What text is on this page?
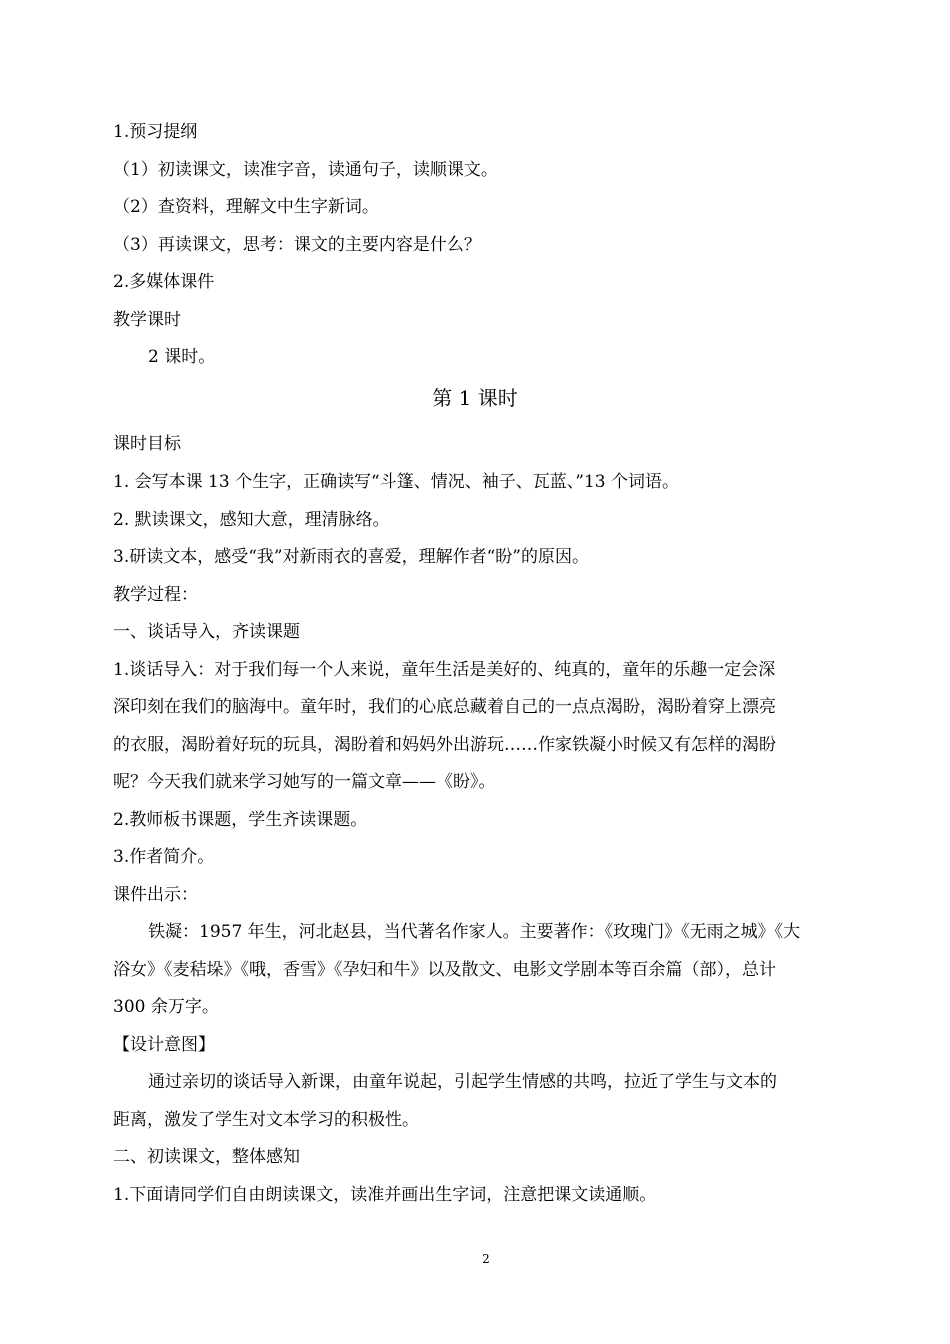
1.预习提纲
（1）初读课文，读准字音，读通句子，读顺课文。
（2）查资料，理解文中生字新词。
（3）再读课文，思考：课文的主要内容是什么？
2.多媒体课件
教学课时
2 课时。
第 1 课时
课时目标
1. 会写本课 13 个生字，正确读写“斗篷、情况、袖子、瓦蓝、”13 个词语。
2. 默读课文，感知大意，理清脉络。
3.研读文本，感受“我”对新雨衣的喜爱，理解作者“盼”的原因。
教学过程：
一、谈话导入，齐读课题
1.谈话导入：对于我们每一个人来说，童年生活是美好的、纯真的，童年的乐趣一定会深
深印刻在我们的脑海中。童年时，我们的心底总藏着自己的一点点渴盼，渴盼着穿上漂亮
的衣服，渴盼着好玩的玩具，渴盼着和妈妈外出游玩……作家铁凝小时候又有怎样的渴盼
呢？今天我们就来学习她写的一篇文章——《盼》。
2.教师板书课题，学生齐读课题。
3.作者简介。
课件出示：
铁凝：1957 年生，河北赵县，当代著名作家人。主要著作：《玫瑰门》《无雨之城》《大
浴女》《麦秸垛》《哦，香雪》《孕妇和牛》以及散文、电影文学剧本等百余篇（部），总计
300 余万字。
【设计意图】
通过亲切的谈话导入新课，由童年说起，引起学生情感的共鸣，拉近了学生与文本的
距离，激发了学生对文本学习的积极性。
二、初读课文，整体感知
1.下面请同学们自由朗读课文，读准并画出生字词，注意把课文读通顺。
2
